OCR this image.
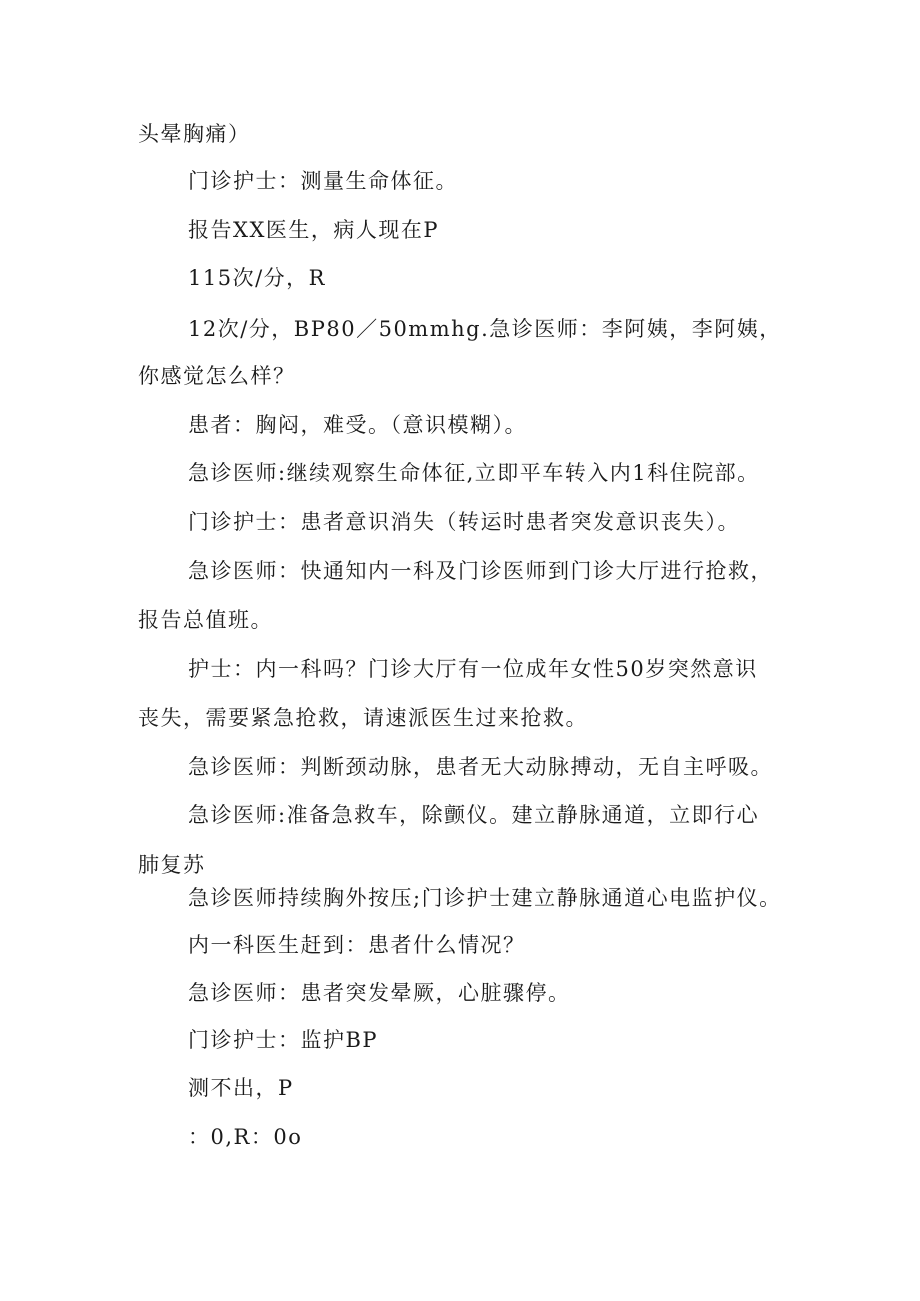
头晕胸痛）
门诊护士：测量生命体征。
报告XX医生，病人现在P
115次/分，R
12次/分，BP80／50mmhg.急诊医师：李阿姨，李阿姨，
你感觉怎么样？
患者：胸闷，难受。（意识模糊）。
急诊医师:继续观察生命体征,立即平车转入内1科住院部。
门诊护士：患者意识消失（转运时患者突发意识丧失）。
急诊医师：快通知内一科及门诊医师到门诊大厅进行抢救，
报告总值班。
护士：内一科吗？门诊大厅有一位成年女性50岁突然意识
丧失，需要紧急抢救，请速派医生过来抢救。
急诊医师：判断颈动脉，患者无大动脉搏动，无自主呼吸。
急诊医师:准备急救车，除颤仪。建立静脉通道，立即行心
肺复苏
急诊医师持续胸外按压;门诊护士建立静脉通道心电监护仪。
内一科医生赶到：患者什么情况？
急诊医师：患者突发晕厥，心脏骤停。
门诊护士：监护BP
测不出，P
：0,R：0o
